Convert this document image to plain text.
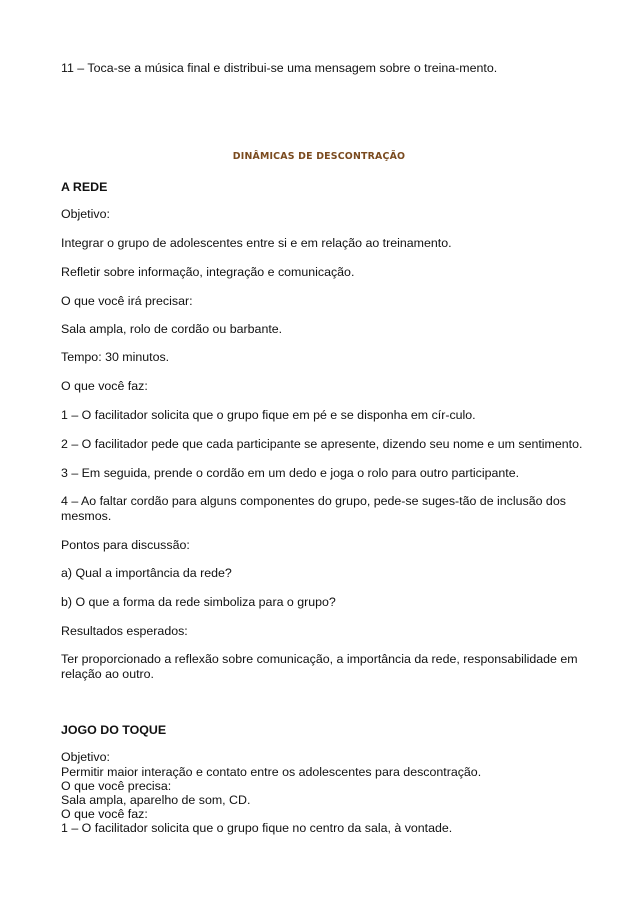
11 – Toca-se a música final e distribui-se uma mensagem sobre o treina-mento.

DINÂMICAS DE DESCONTRAÇÃO

A REDE

Objetivo:

Integrar o grupo de adolescentes entre si e em relação ao treinamento.

Refletir sobre informação, integração e comunicação.

O que você irá precisar:

Sala ampla, rolo de cordão ou barbante.

Tempo: 30 minutos.

O que você faz:

1 – O facilitador solicita que o grupo fique em pé e se disponha em cír-culo.

2 – O facilitador pede que cada participante se apresente, dizendo seu nome e um sentimento.

3 – Em seguida, prende o cordão em um dedo e joga o rolo para outro participante.

4 – Ao faltar cordão para alguns componentes do grupo, pede-se suges-tão de inclusão dos mesmos.

Pontos para discussão:

a) Qual a importância da rede?

b) O que a forma da rede simboliza para o grupo?

Resultados esperados:

Ter proporcionado a reflexão sobre comunicação, a importância da rede, responsabilidade em relação ao outro.

JOGO DO TOQUE

Objetivo:

Permitir maior interação e contato entre os adolescentes para descontração.

O que você precisa:

Sala ampla, aparelho de som, CD.

O que você faz:

1 – O facilitador solicita que o grupo fique no centro da sala, à vontade.
